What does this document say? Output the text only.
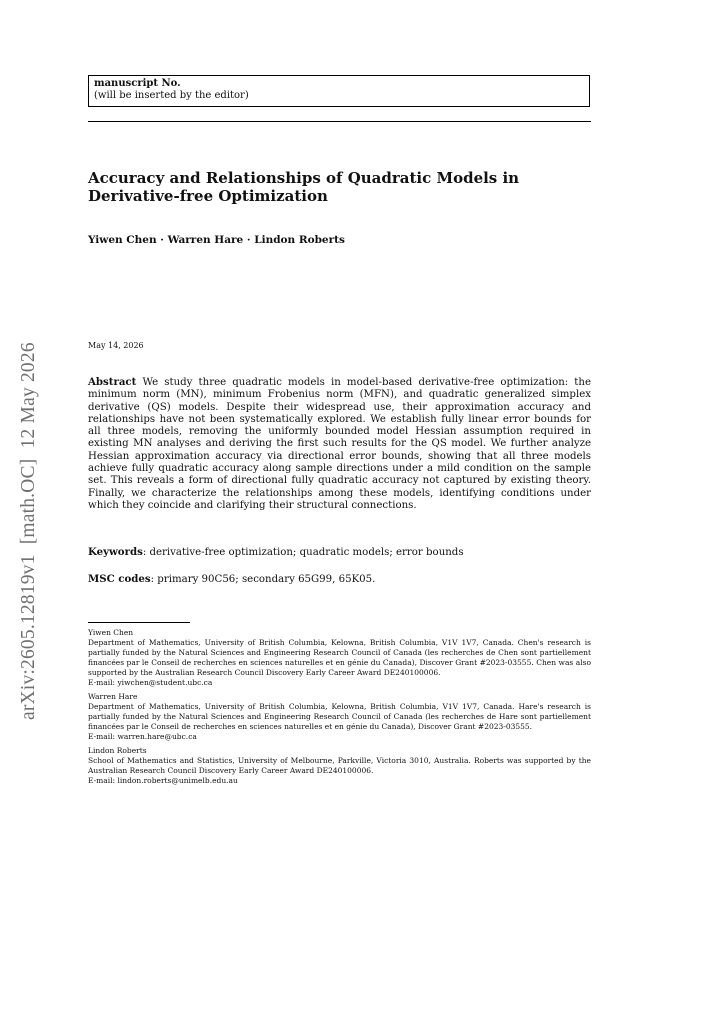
manuscript No.
(will be inserted by the editor)
Accuracy and Relationships of Quadratic Models in Derivative-free Optimization
Yiwen Chen · Warren Hare · Lindon Roberts
May 14, 2026
Abstract We study three quadratic models in model-based derivative-free optimization: the minimum norm (MN), minimum Frobenius norm (MFN), and quadratic generalized simplex derivative (QS) models. Despite their widespread use, their approximation accuracy and relationships have not been systematically explored. We establish fully linear error bounds for all three models, removing the uniformly bounded model Hessian assumption required in existing MN analyses and deriving the first such results for the QS model. We further analyze Hessian approximation accuracy via directional error bounds, showing that all three models achieve fully quadratic accuracy along sample directions under a mild condition on the sample set. This reveals a form of directional fully quadratic accuracy not captured by existing theory. Finally, we characterize the relationships among these models, identifying conditions under which they coincide and clarifying their structural connections.
Keywords: derivative-free optimization; quadratic models; error bounds
MSC codes: primary 90C56; secondary 65G99, 65K05.
Yiwen Chen
Department of Mathematics, University of British Columbia, Kelowna, British Columbia, V1V 1V7, Canada. Chen's research is partially funded by the Natural Sciences and Engineering Research Council of Canada (les recherches de Chen sont partiellement financées par le Conseil de recherches en sciences naturelles et en génie du Canada), Discover Grant #2023-03555. Chen was also supported by the Australian Research Council Discovery Early Career Award DE240100006.
E-mail: yiwchen@student.ubc.ca
Warren Hare
Department of Mathematics, University of British Columbia, Kelowna, British Columbia, V1V 1V7, Canada. Hare's research is partially funded by the Natural Sciences and Engineering Research Council of Canada (les recherches de Hare sont partiellement financées par le Conseil de recherches en sciences naturelles et en génie du Canada), Discover Grant #2023-03555.
E-mail: warren.hare@ubc.ca
Lindon Roberts
School of Mathematics and Statistics, University of Melbourne, Parkville, Victoria 3010, Australia. Roberts was supported by the Australian Research Council Discovery Early Career Award DE240100006.
E-mail: lindon.roberts@unimelb.edu.au
arXiv:2605.12819v1  [math.OC]  12 May 2026
